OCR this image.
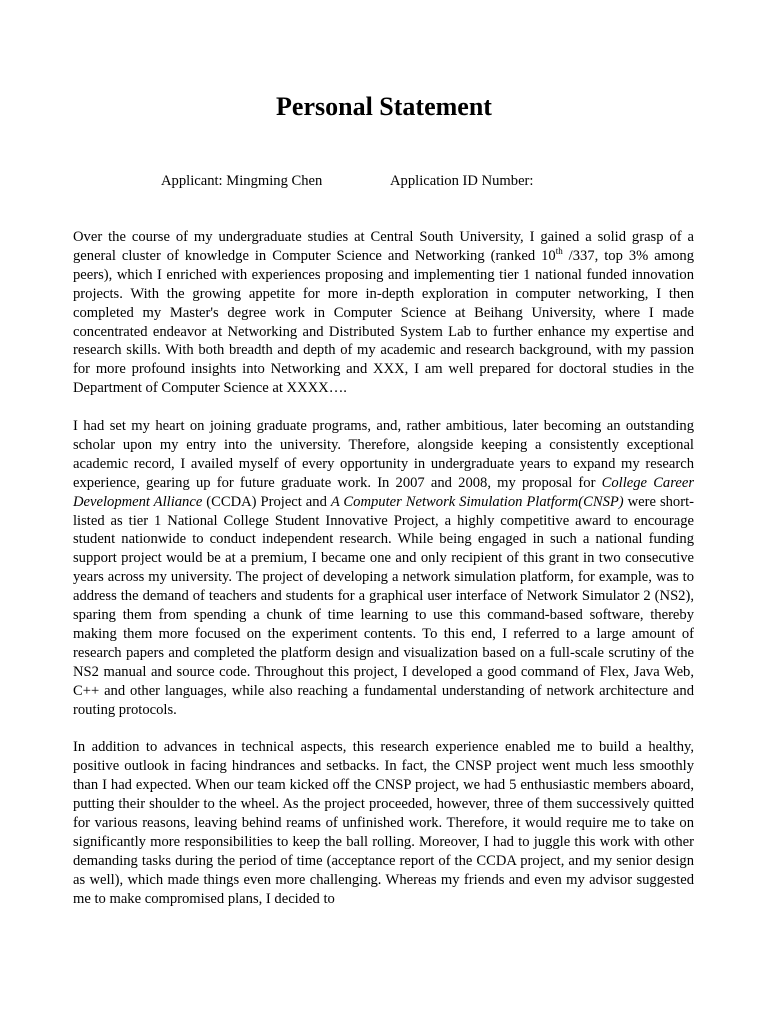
Personal Statement
Applicant: Mingming Chen	Application ID Number:

Over the course of my undergraduate studies at Central South University, I gained a solid grasp of a general cluster of knowledge in Computer Science and Networking (ranked 10th /337, top 3% among peers), which I enriched with experiences proposing and implementing tier 1 national funded innovation projects. With the growing appetite for more in-depth exploration in computer networking, I then completed my Master's degree work in Computer Science at Beihang University, where I made concentrated endeavor at Networking and Distributed System Lab to further enhance my expertise and research skills. With both breadth and depth of my academic and research background, with my passion for more profound insights into Networking and XXX, I am well prepared for doctoral studies in the Department of Computer Science at XXXX….

I had set my heart on joining graduate programs, and, rather ambitious, later becoming an outstanding scholar upon my entry into the university. Therefore, alongside keeping a consistently exceptional academic record, I availed myself of every opportunity in undergraduate years to expand my research experience, gearing up for future graduate work. In 2007 and 2008, my proposal for College Career Development Alliance (CCDA) Project and A Computer Network Simulation Platform(CNSP) were short-listed as tier 1 National College Student Innovative Project, a highly competitive award to encourage student nationwide to conduct independent research. While being engaged in such a national funding support project would be at a premium, I became one and only recipient of this grant in two consecutive years across my university. The project of developing a network simulation platform, for example, was to address the demand of teachers and students for a graphical user interface of Network Simulator 2 (NS2), sparing them from spending a chunk of time learning to use this command-based software, thereby making them more focused on the experiment contents. To this end, I referred to a large amount of research papers and completed the platform design and visualization based on a full-scale scrutiny of the NS2 manual and source code. Throughout this project, I developed a good command of Flex, Java Web, C++ and other languages, while also reaching a fundamental understanding of network architecture and routing protocols.

In addition to advances in technical aspects, this research experience enabled me to build a healthy, positive outlook in facing hindrances and setbacks. In fact, the CNSP project went much less smoothly than I had expected. When our team kicked off the CNSP project, we had 5 enthusiastic members aboard, putting their shoulder to the wheel. As the project proceeded, however, three of them successively quitted for various reasons, leaving behind reams of unfinished work. Therefore, it would require me to take on significantly more responsibilities to keep the ball rolling. Moreover, I had to juggle this work with other demanding tasks during the period of time (acceptance report of the CCDA project, and my senior design as well), which made things even more challenging. Whereas my friends and even my advisor suggested me to make compromised plans, I decided to
